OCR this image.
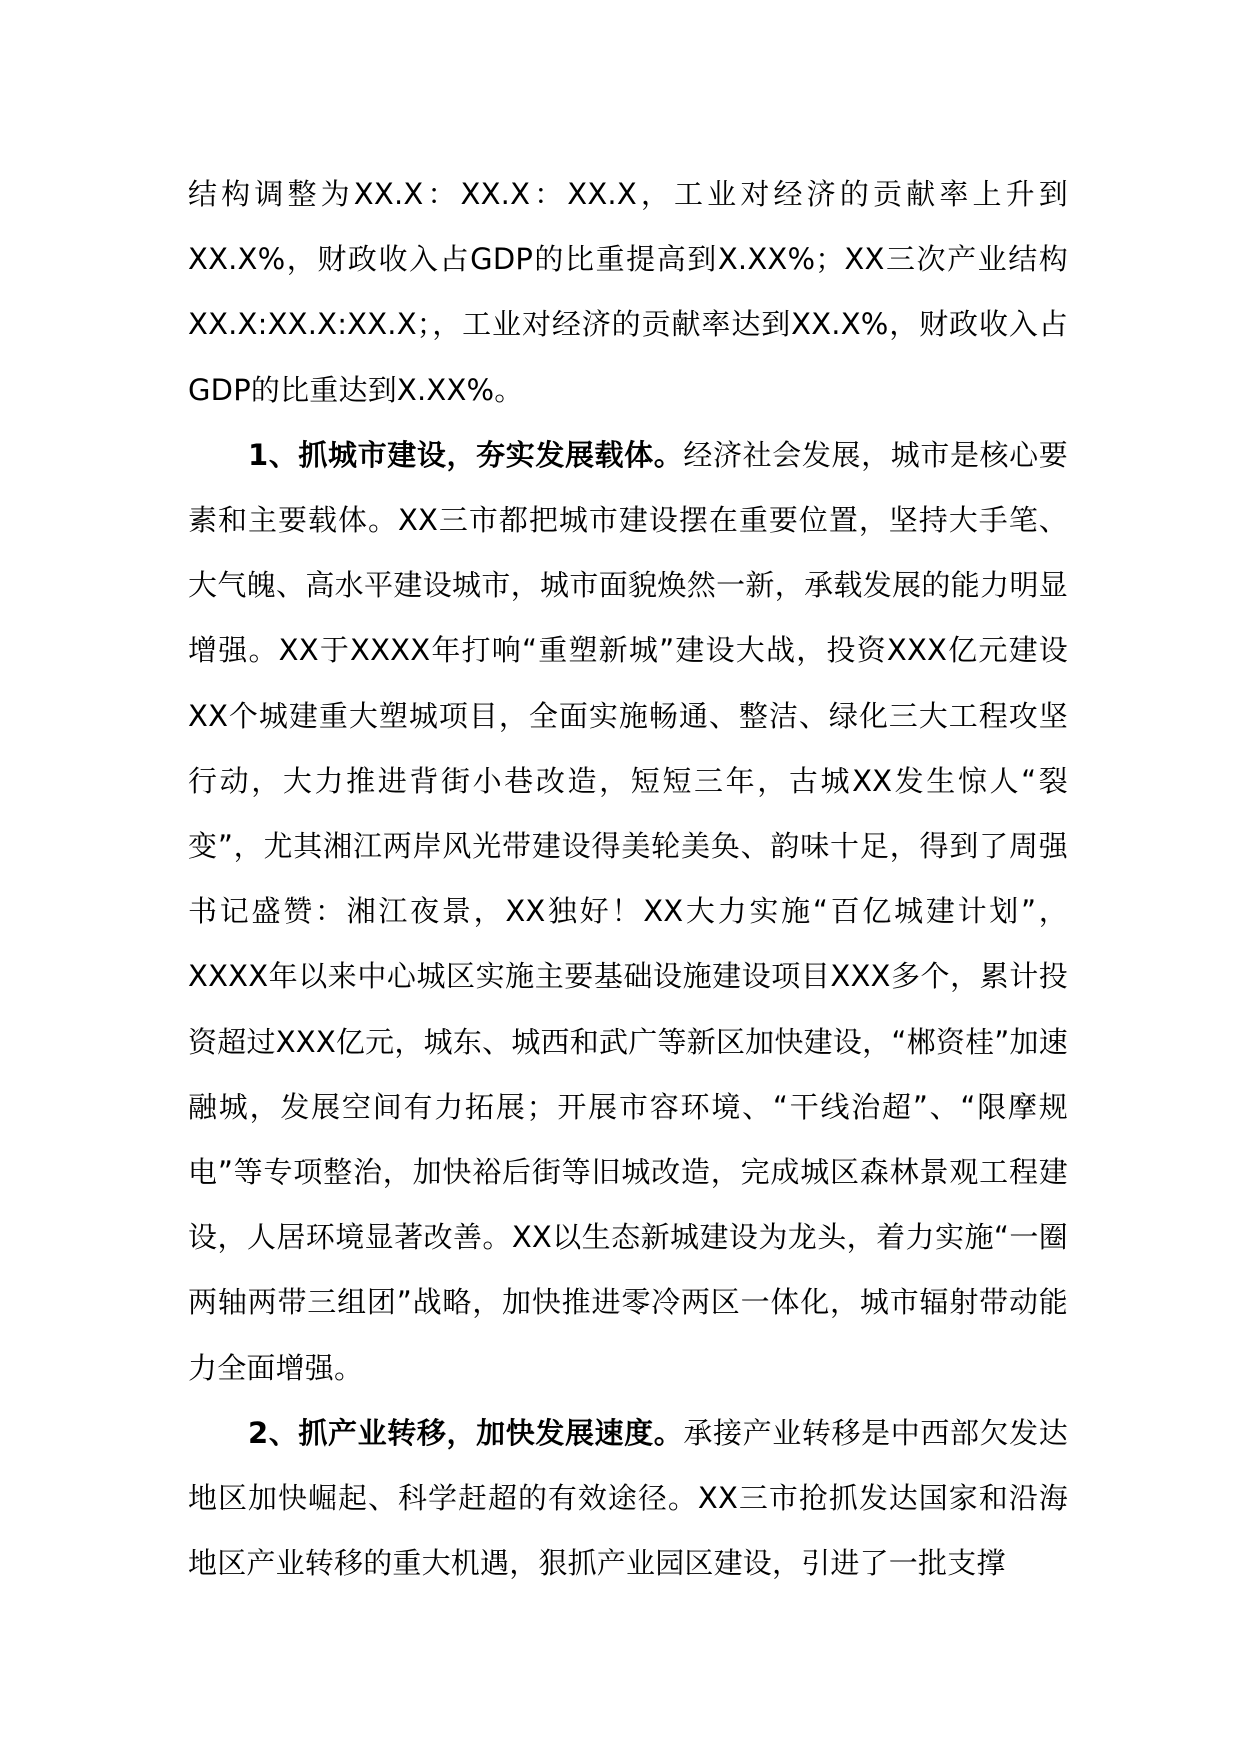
结构调整为XX.X：XX.X：XX.X，工业对经济的贡献率上升到XX.X%，财政收入占GDP的比重提高到X.XX%；XX三次产业结构XX.X:XX.X:XX.X；，工业对经济的贡献率达到XX.X%，财政收入占GDP的比重达到X.XX%。

1、抓城市建设，夯实发展载体。经济社会发展，城市是核心要素和主要载体。XX三市都把城市建设摆在重要位置，坚持大手笔、大气魄、高水平建设城市，城市面貌焕然一新，承载发展的能力明显增强。XX于XXXX年打响“重塑新城”建设大战，投资XXX亿元建设XX个城建重大塑城项目，全面实施畅通、整洁、绿化三大工程攻坚行动，大力推进背街小巷改造，短短三年，古城XX发生惊人“裂变”，尤其湘江两岸风光带建设得美轮美奂、韵味十足，得到了周强书记盛赞：湘江夜景，XX独好！XX大力实施“百亿城建计划”，XXXX年以来中心城区实施主要基础设施建设项目XXX多个，累计投资超过XXX亿元，城东、城西和武广等新区加快建设，“郴资桂”加速融城，发展空间有力拓展；开展市容环境、“干线治超”、“限摩规电”等专项整治，加快裕后街等旧城改造，完成城区森林景观工程建设，人居环境显著改善。XX以生态新城建设为龙头，着力实施“一圈两轴两带三组团”战略，加快推进零冷两区一体化，城市辐射带动能力全面增强。

2、抓产业转移，加快发展速度。承接产业转移是中西部欠发达地区加快崛起、科学赶超的有效途径。XX三市抢抓发达国家和沿海地区产业转移的重大机遇，狠抓产业园区建设，引进了一批支撑
